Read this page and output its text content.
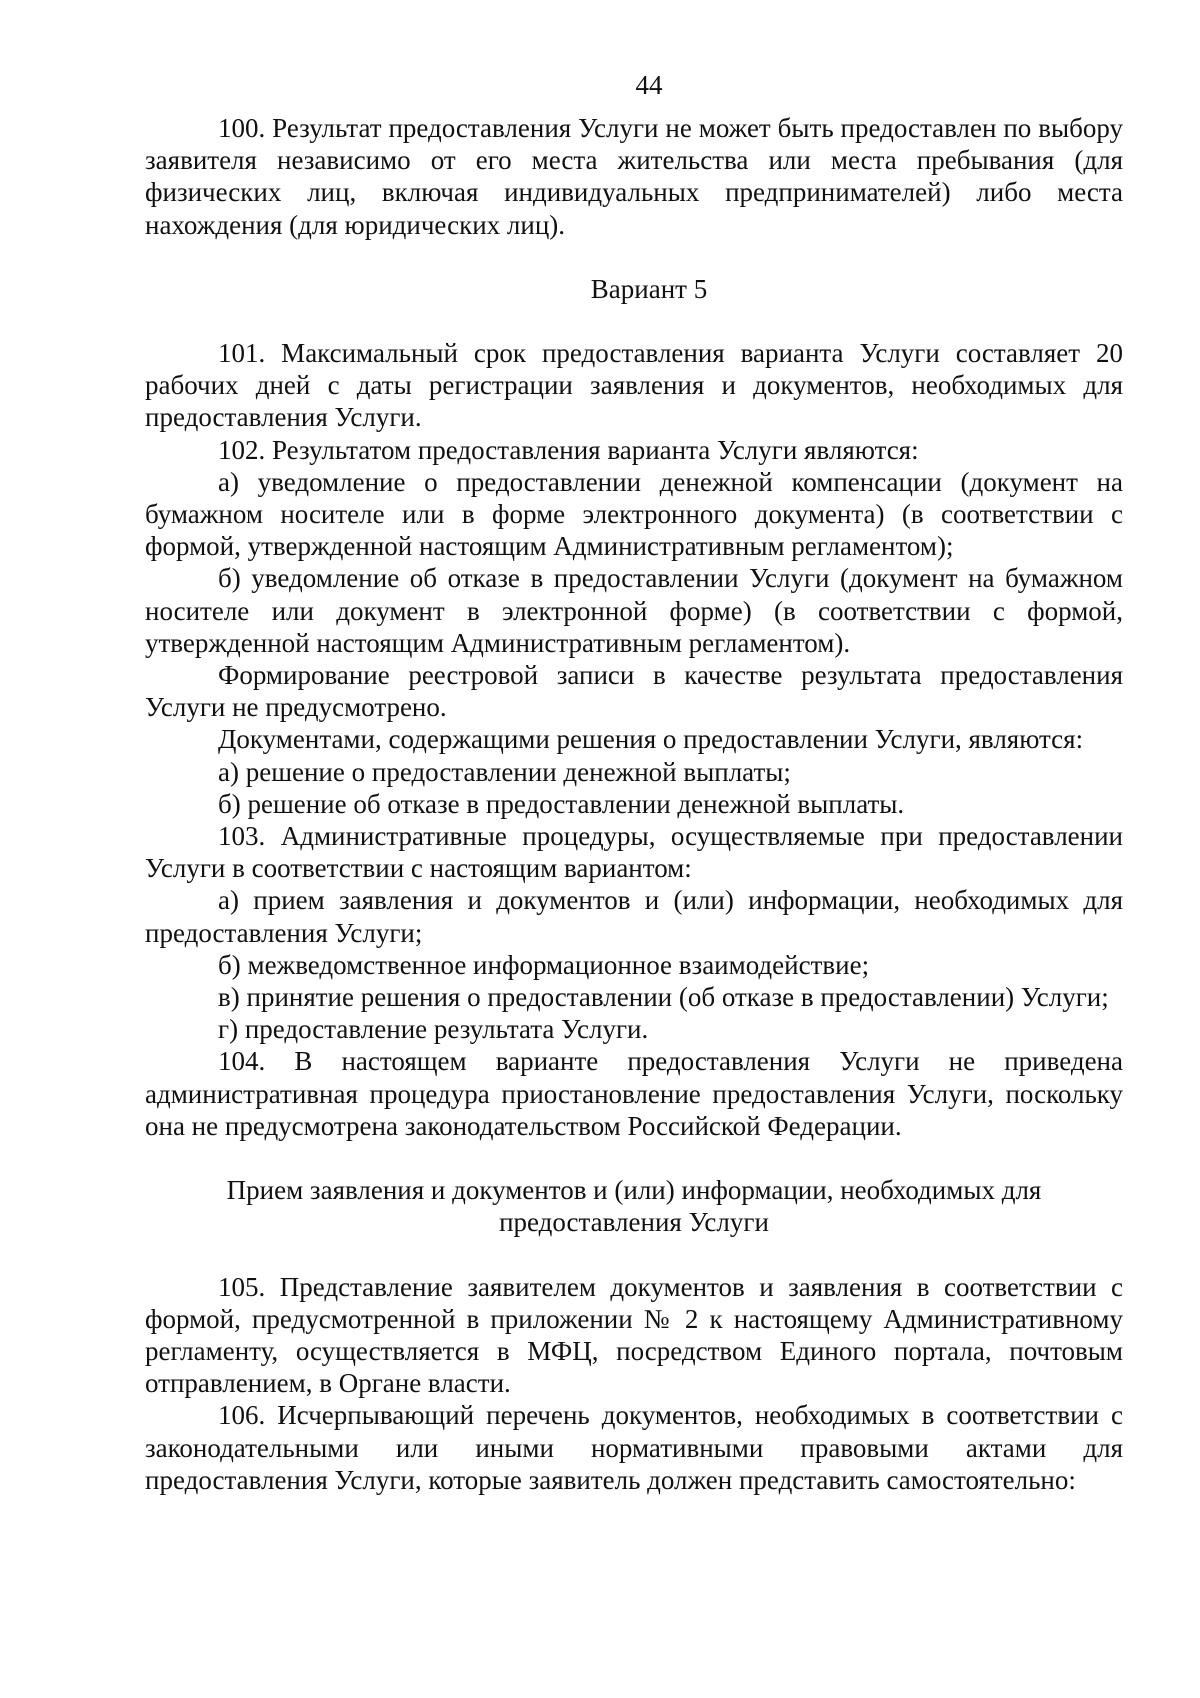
44

100. Результат предоставления Услуги не может быть предоставлен по выбору заявителя независимо от его места жительства или места пребывания (для физических лиц, включая индивидуальных предпринимателей) либо места нахождения (для юридических лиц).

Вариант 5

101. Максимальный срок предоставления варианта Услуги составляет 20 рабочих дней с даты регистрации заявления и документов, необходимых для предоставления Услуги.

102. Результатом предоставления варианта Услуги являются:

а) уведомление о предоставлении денежной компенсации (документ на бумажном носителе или в форме электронного документа) (в соответствии с формой, утвержденной настоящим Административным регламентом);

б) уведомление об отказе в предоставлении Услуги (документ на бумажном носителе или документ в электронной форме) (в соответствии с формой, утвержденной настоящим Административным регламентом).

Формирование реестровой записи в качестве результата предоставления Услуги не предусмотрено.

Документами, содержащими решения о предоставлении Услуги, являются:

а) решение о предоставлении денежной выплаты;

б) решение об отказе в предоставлении денежной выплаты.

103. Административные процедуры, осуществляемые при предоставлении Услуги в соответствии с настоящим вариантом:

а) прием заявления и документов и (или) информации, необходимых для предоставления Услуги;

б) межведомственное информационное взаимодействие;

в) принятие решения о предоставлении (об отказе в предоставлении) Услуги;

г) предоставление результата Услуги.

104. В настоящем варианте предоставления Услуги не приведена административная процедура приостановление предоставления Услуги, поскольку она не предусмотрена законодательством Российской Федерации.

Прием заявления и документов и (или) информации, необходимых для предоставления Услуги

105. Представление заявителем документов и заявления в соответствии с формой, предусмотренной в приложении № 2 к настоящему Административному регламенту, осуществляется в МФЦ, посредством Единого портала, почтовым отправлением, в Органе власти.

106. Исчерпывающий перечень документов, необходимых в соответствии с законодательными или иными нормативными правовыми актами для предоставления Услуги, которые заявитель должен представить самостоятельно:
